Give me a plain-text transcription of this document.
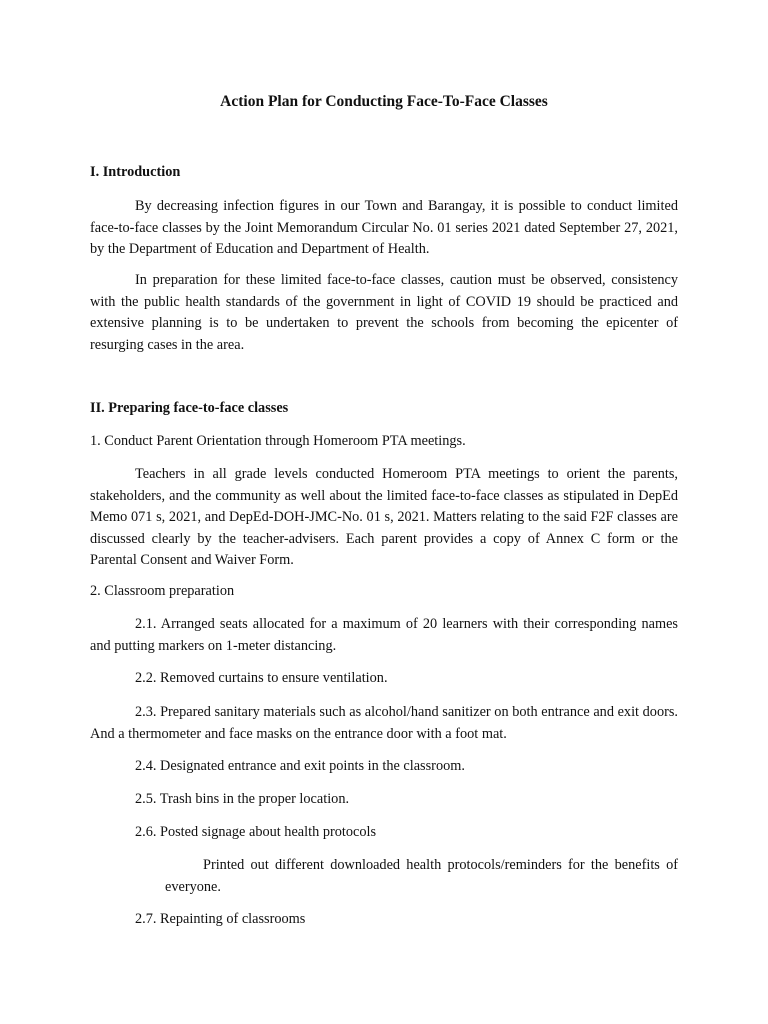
Action Plan for Conducting Face-To-Face Classes
I. Introduction

By decreasing infection figures in our Town and Barangay, it is possible to conduct limited face-to-face classes by the Joint Memorandum Circular No. 01 series 2021 dated September 27, 2021, by the Department of Education and Department of Health.

In preparation for these limited face-to-face classes, caution must be observed, consistency with the public health standards of the government in light of COVID 19 should be practiced and extensive planning is to be undertaken to prevent the schools from becoming the epicenter of resurging cases in the area.

II. Preparing face-to-face classes

1. Conduct Parent Orientation through Homeroom PTA meetings.

Teachers in all grade levels conducted Homeroom PTA meetings to orient the parents, stakeholders, and the community as well about the limited face-to-face classes as stipulated in DepEd Memo 071 s, 2021, and DepEd-DOH-JMC-No. 01 s, 2021. Matters relating to the said F2F classes are discussed clearly by the teacher-advisers. Each parent provides a copy of Annex C form or the Parental Consent and Waiver Form.

2. Classroom preparation

2.1. Arranged seats allocated for a maximum of 20 learners with their corresponding names and putting markers on 1-meter distancing.

2.2. Removed curtains to ensure ventilation.

2.3. Prepared sanitary materials such as alcohol/hand sanitizer on both entrance and exit doors. And a thermometer and face masks on the entrance door with a foot mat.

2.4. Designated entrance and exit points in the classroom.

2.5. Trash bins in the proper location.

2.6. Posted signage about health protocols

Printed out different downloaded health protocols/reminders for the benefits of everyone.

2.7. Repainting of classrooms
